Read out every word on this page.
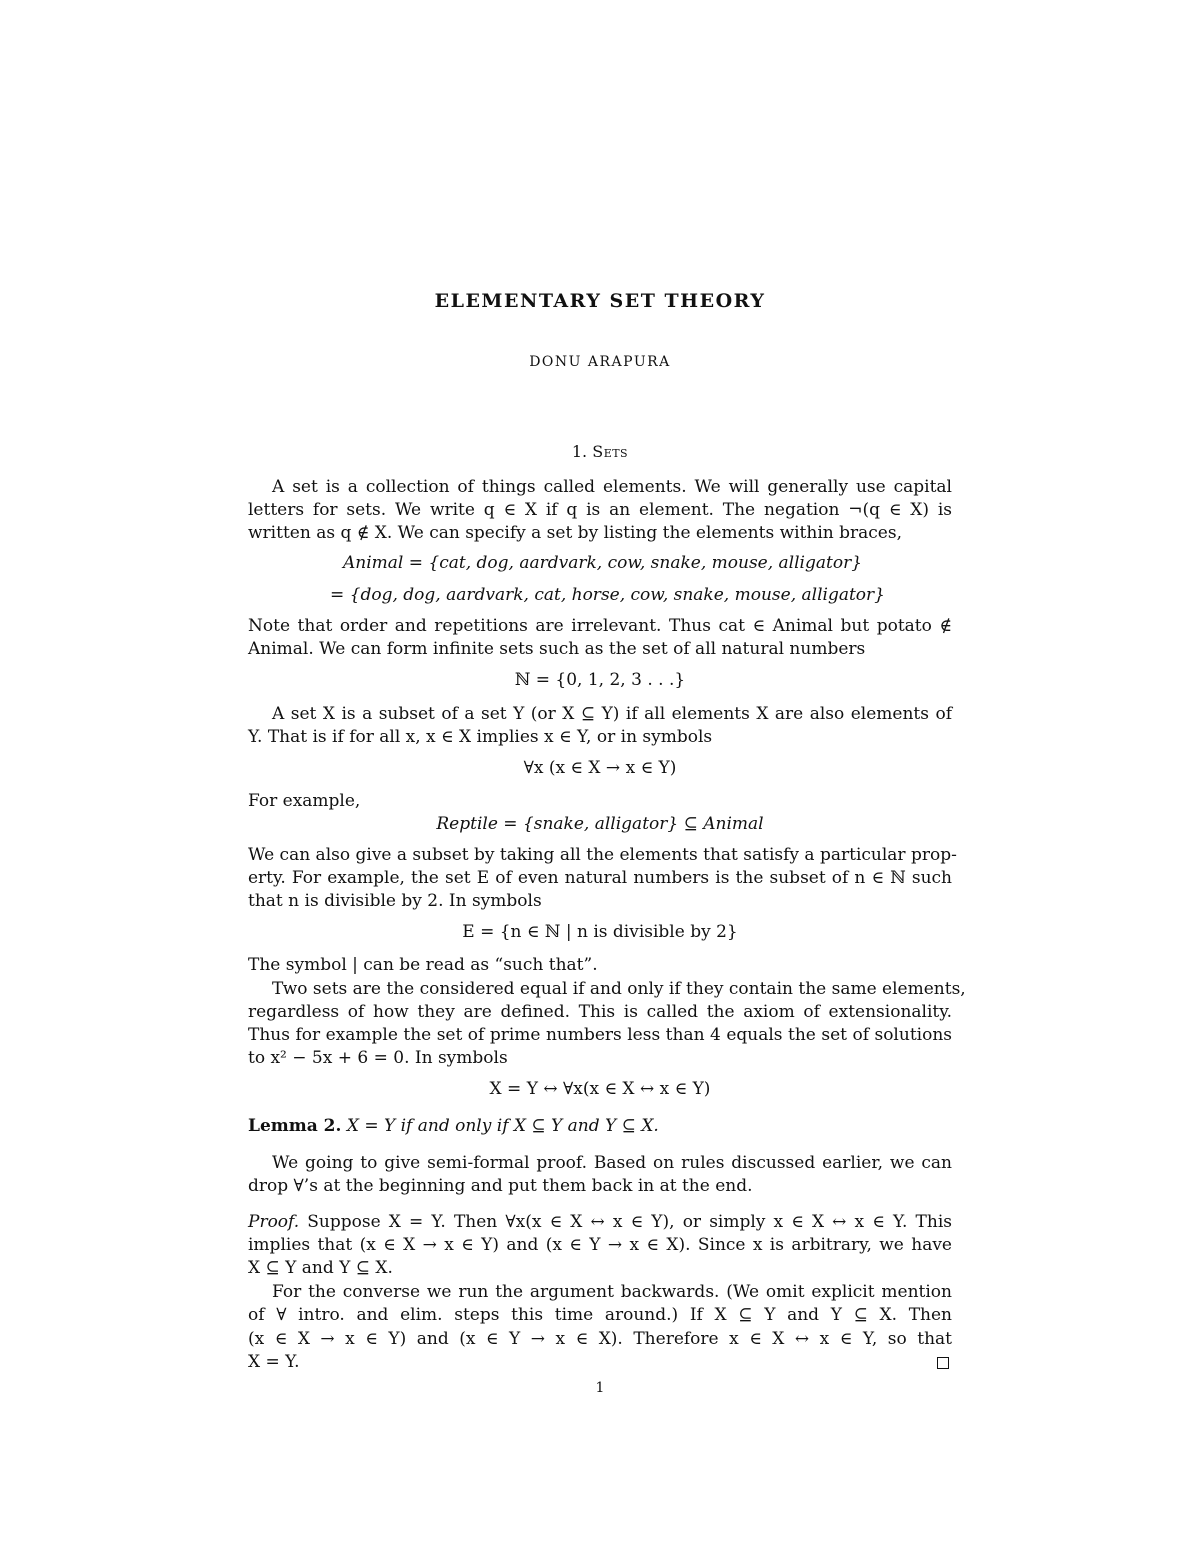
ELEMENTARY SET THEORY
DONU ARAPURA
1. Sets
A set is a collection of things called elements. We will generally use capital
letters for sets. We write q ∈ X if q is an element. The negation ¬(q ∈ X) is
written as q ∉ X. We can specify a set by listing the elements within braces,
Animal = {cat, dog, aardvark, cow, snake, mouse, alligator}
= {dog, dog, aardvark, cat, horse, cow, snake, mouse, alligator}
Note that order and repetitions are irrelevant. Thus cat ∈ Animal but potato ∉
Animal. We can form infinite sets such as the set of all natural numbers
ℕ = {0, 1, 2, 3 . . .}
A set X is a subset of a set Y (or X ⊆ Y) if all elements X are also elements of
Y. That is if for all x, x ∈ X implies x ∈ Y, or in symbols
∀x (x ∈ X → x ∈ Y)
For example,
Reptile = {snake, alligator} ⊆ Animal
We can also give a subset by taking all the elements that satisfy a particular prop-
erty. For example, the set E of even natural numbers is the subset of n ∈ ℕ such
that n is divisible by 2. In symbols
E = {n ∈ ℕ | n is divisible by 2}
The symbol | can be read as “such that”.
Two sets are the considered equal if and only if they contain the same elements,
regardless of how they are defined. This is called the axiom of extensionality.
Thus for example the set of prime numbers less than 4 equals the set of solutions
to x² − 5x + 6 = 0. In symbols
X = Y ↔ ∀x(x ∈ X ↔ x ∈ Y)
Lemma 2. X = Y if and only if X ⊆ Y and Y ⊆ X.
We going to give semi-formal proof. Based on rules discussed earlier, we can
drop ∀’s at the beginning and put them back in at the end.
Proof. Suppose X = Y. Then ∀x(x ∈ X ↔ x ∈ Y), or simply x ∈ X ↔ x ∈ Y. This
implies that (x ∈ X → x ∈ Y) and (x ∈ Y → x ∈ X). Since x is arbitrary, we have
X ⊆ Y and Y ⊆ X.
For the converse we run the argument backwards. (We omit explicit mention
of ∀ intro. and elim. steps this time around.) If X ⊆ Y and Y ⊆ X. Then
(x ∈ X → x ∈ Y) and (x ∈ Y → x ∈ X). Therefore x ∈ X ↔ x ∈ Y, so that
X = Y.
1
